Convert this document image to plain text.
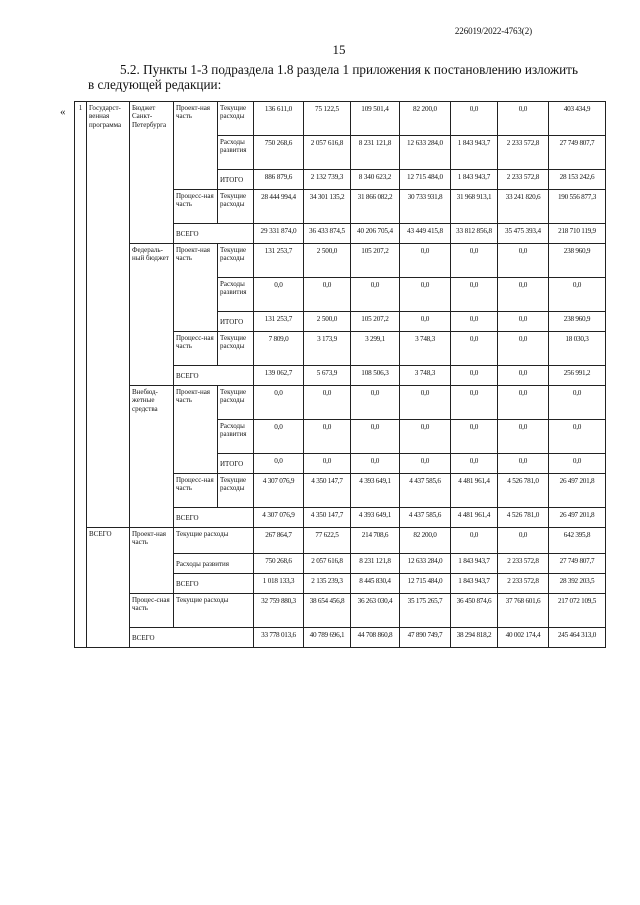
226019/2022-4763(2)
15
5.2. Пункты 1-3 подраздела 1.8 раздела 1 приложения к постановлению изложить
в следующей редакции:
« 1	Государст-венная программа	Бюджет Санкт-Петербурга	Проект-ная часть	Текущие расходы	136 611,0	75 122,5	109 501,4	82 200,0	0,0	0,0	403 434,9
				Расходы развития	750 268,6	2 057 616,8	8 231 121,8	12 633 284,0	1 843 943,7	2 233 572,8	27 749 807,7
				ИТОГО	886 879,6	2 132 739,3	8 340 623,2	12 715 484,0	1 843 943,7	2 233 572,8	28 153 242,6
			Процесс-ная часть	Текущие расходы	28 444 994,4	34 301 135,2	31 866 082,2	30 733 931,8	31 968 913,1	33 241 820,6	190 556 877,3
			ВСЕГО		29 331 874,0	36 433 874,5	40 206 705,4	43 449 415,8	33 812 856,8	35 475 393,4	218 710 119,9
		Федераль-ный бюджет	Проект-ная часть	Текущие расходы	131 253,7	2 500,0	105 207,2	0,0	0,0	0,0	238 960,9
				Расходы развития	0,0	0,0	0,0	0,0	0,0	0,0	0,0
				ИТОГО	131 253,7	2 500,0	105 207,2	0,0	0,0	0,0	238 960,9
			Процесс-ная часть	Текущие расходы	7 809,0	3 173,9	3 299,1	3 748,3	0,0	0,0	18 030,3
			ВСЕГО		139 062,7	5 673,9	108 506,3	3 748,3	0,0	0,0	256 991,2
		Внебюд-жетные средства	Проект-ная часть	Текущие расходы	0,0	0,0	0,0	0,0	0,0	0,0	0,0
				Расходы развития	0,0	0,0	0,0	0,0	0,0	0,0	0,0
				ИТОГО	0,0	0,0	0,0	0,0	0,0	0,0	0,0
			Процесс-ная часть	Текущие расходы	4 307 076,9	4 350 147,7	4 393 649,1	4 437 585,6	4 481 961,4	4 526 781,0	26 497 201,8
			ВСЕГО		4 307 076,9	4 350 147,7	4 393 649,1	4 437 585,6	4 481 961,4	4 526 781,0	26 497 201,8
	ВСЕГО	Проект-ная часть	Текущие расходы		267 864,7	77 622,5	214 708,6	82 200,0	0,0	0,0	642 395,8
			Расходы развития		750 268,6	2 057 616,8	8 231 121,8	12 633 284,0	1 843 943,7	2 233 572,8	27 749 807,7
			ВСЕГО		1 018 133,3	2 135 239,3	8 445 830,4	12 715 484,0	1 843 943,7	2 233 572,8	28 392 203,5
		Процес-сная часть	Текущие расходы		32 759 880,3	38 654 456,8	36 263 030,4	35 175 265,7	36 450 874,6	37 768 601,6	217 072 109,5
		ВСЕГО			33 778 013,6	40 789 696,1	44 708 860,8	47 890 749,7	38 294 818,2	40 002 174,4	245 464 313,0
